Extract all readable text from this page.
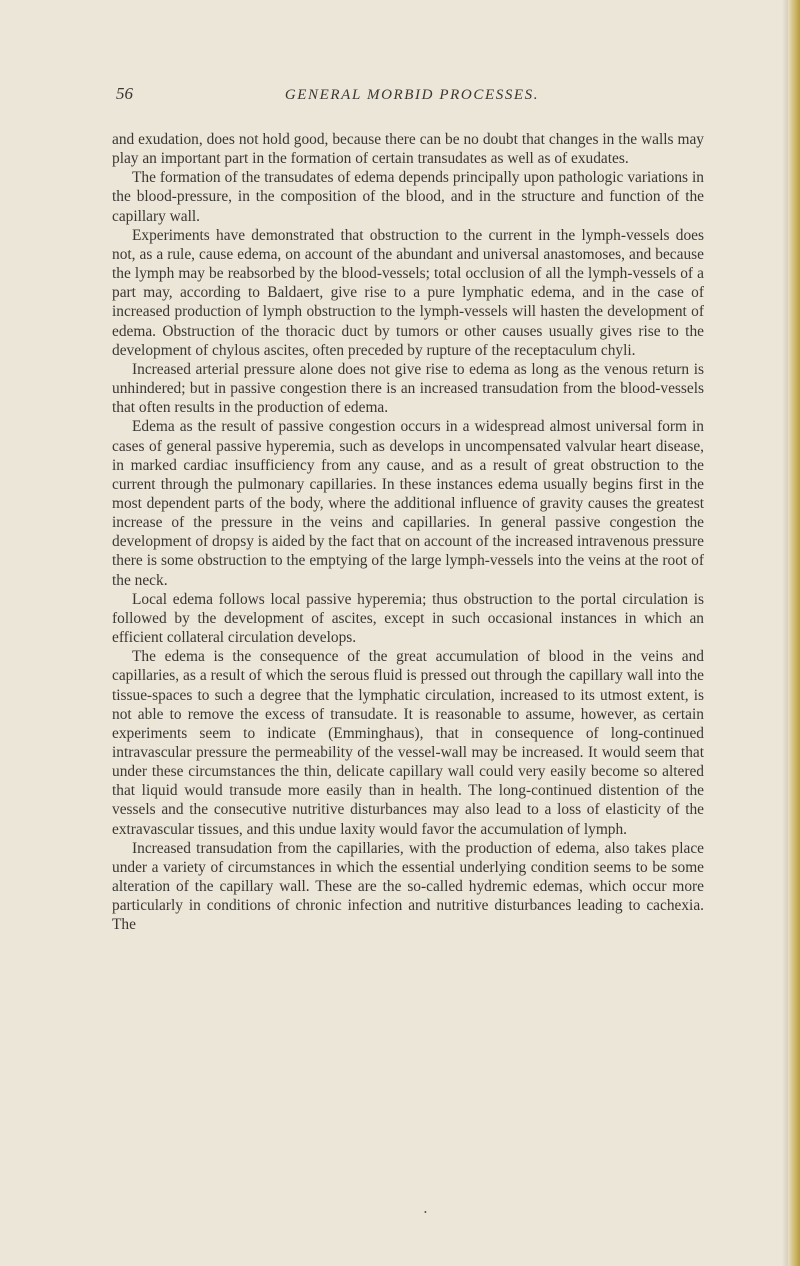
56	GENERAL MORBID PROCESSES.

and exudation, does not hold good, because there can be no doubt that changes in the walls may play an important part in the formation of certain transudates as well as of exudates.

The formation of the transudates of edema depends principally upon pathologic variations in the blood-pressure, in the composition of the blood, and in the structure and function of the capillary wall.

Experiments have demonstrated that obstruction to the current in the lymph-vessels does not, as a rule, cause edema, on account of the abundant and universal anastomoses, and because the lymph may be reabsorbed by the blood-vessels; total occlusion of all the lymph-vessels of a part may, according to Baldaert, give rise to a pure lymphatic edema, and in the case of increased production of lymph obstruction to the lymph-vessels will hasten the development of edema. Obstruction of the thoracic duct by tumors or other causes usually gives rise to the development of chylous ascites, often preceded by rupture of the receptaculum chyli.

Increased arterial pressure alone does not give rise to edema as long as the venous return is unhindered; but in passive congestion there is an increased transudation from the blood-vessels that often results in the production of edema.

Edema as the result of passive congestion occurs in a widespread almost universal form in cases of general passive hyperemia, such as develops in uncompensated valvular heart disease, in marked cardiac insufficiency from any cause, and as a result of great obstruction to the current through the pulmonary capillaries. In these instances edema usually begins first in the most dependent parts of the body, where the additional influence of gravity causes the greatest increase of the pressure in the veins and capillaries. In general passive congestion the development of dropsy is aided by the fact that on account of the increased intravenous pressure there is some obstruction to the emptying of the large lymph-vessels into the veins at the root of the neck.

Local edema follows local passive hyperemia; thus obstruction to the portal circulation is followed by the development of ascites, except in such occasional instances in which an efficient collateral circulation develops.

The edema is the consequence of the great accumulation of blood in the veins and capillaries, as a result of which the serous fluid is pressed out through the capillary wall into the tissue-spaces to such a degree that the lymphatic circulation, increased to its utmost extent, is not able to remove the excess of transudate. It is reasonable to assume, however, as certain experiments seem to indicate (Emminghaus), that in consequence of long-continued intravascular pressure the permeability of the vessel-wall may be increased. It would seem that under these circumstances the thin, delicate capillary wall could very easily become so altered that liquid would transude more easily than in health. The long-continued distention of the vessels and the consecutive nutritive disturbances may also lead to a loss of elasticity of the extravascular tissues, and this undue laxity would favor the accumulation of lymph.

Increased transudation from the capillaries, with the production of edema, also takes place under a variety of circumstances in which the essential underlying condition seems to be some alteration of the capillary wall. These are the so-called hydremic edemas, which occur more particularly in conditions of chronic infection and nutritive disturbances leading to cachexia. The

•
